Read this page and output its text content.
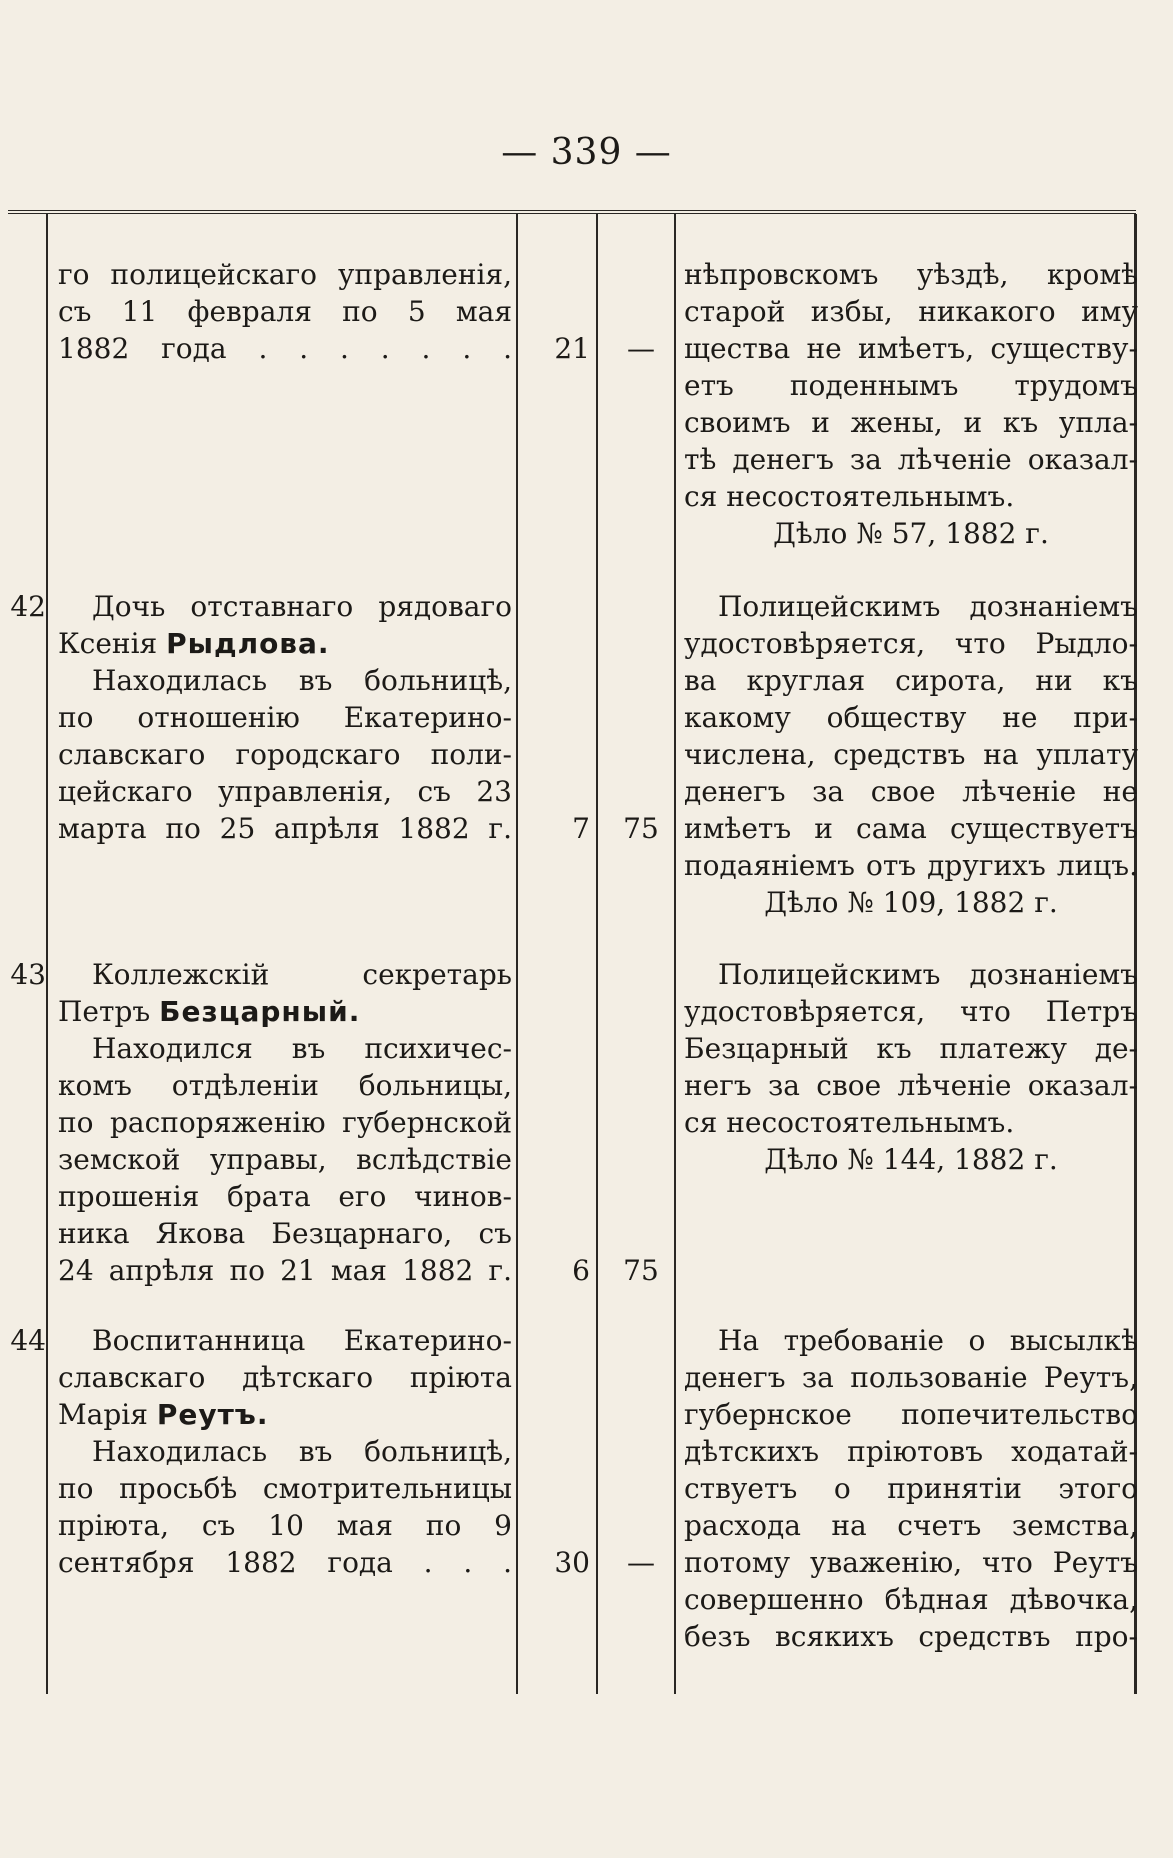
— 339 —
го полицейскаго управленія,
съ 11 февраля по 5 мая
1882 года . . . . . . .	21	—
нѣпровскомъ уѣздѣ, кромѣ
старой избы, никакого иму
щества не имѣетъ, существу-
етъ поденнымъ трудомъ
своимъ и жены, и къ упла-
тѣ денегъ за лѣченіе оказал-
ся несостоятельнымъ.
Дѣло № 57, 1882 г.
42	Дочь отставнаго рядоваго
Ксенія Рыдлова.
Находилась въ больницѣ,
по отношенію Екатерино-
славскаго городскаго поли-
цейскаго управленія, съ 23
марта по 25 апрѣля 1882 г.	7	75
Полицейскимъ дознаніемъ
удостовѣряется, что Рыдло-
ва круглая сирота, ни къ
какому обществу не при-
числена, средствъ на уплату
денегъ за свое лѣченіе не
имѣетъ и сама существуетъ
подаяніемъ отъ другихъ лицъ.
Дѣло № 109, 1882 г.
43	Коллежскій секретарь
Петръ Безцарный.
Находился въ психичес-
комъ отдѣленіи больницы,
по распоряженію губернской
земской управы, вслѣдствіе
прошенія брата его чинов-
ника Якова Безцарнаго, съ
24 апрѣля по 21 мая 1882 г.	6	75
Полицейскимъ дознаніемъ
удостовѣряется, что Петръ
Безцарный къ платежу де-
негъ за свое лѣченіе оказал-
ся несостоятельнымъ.
Дѣло № 144, 1882 г.
44	Воспитанница Екатерино-
славскаго дѣтскаго пріюта
Марія Реутъ.
Находилась въ больницѣ,
по просьбѣ смотрительницы
пріюта, съ 10 мая по 9
сентября 1882 года . . .	30	—
На требованіе о высылкѣ
денегъ за пользованіе Реутъ,
губернское попечительство
дѣтскихъ пріютовъ ходатай-
ствуетъ о принятіи этого
расхода на счетъ земства,
потому уваженію, что Реутъ
совершенно бѣдная дѣвочка,
безъ всякихъ средствъ про-
